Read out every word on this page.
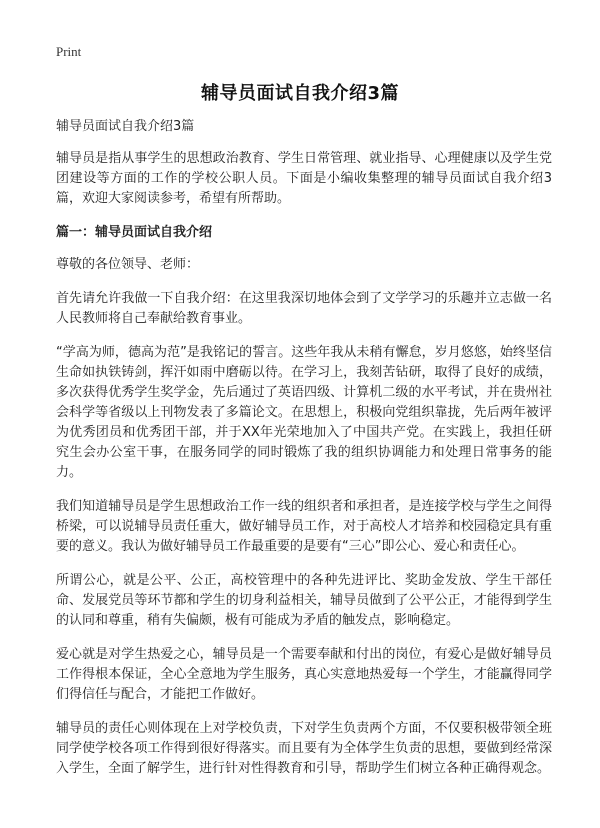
Print
辅导员面试自我介绍3篇

辅导员面试自我介绍3篇

辅导员是指从事学生的思想政治教育、学生日常管理、就业指导、心理健康以及学生党团建设等方面的工作的学校公职人员。下面是小编收集整理的辅导员面试自我介绍3篇，欢迎大家阅读参考，希望有所帮助。

篇一：辅导员面试自我介绍

尊敬的各位领导、老师：

首先请允许我做一下自我介绍：在这里我深切地体会到了文学学习的乐趣并立志做一名人民教师将自己奉献给教育事业。

“学高为师，德高为范”是我铭记的誓言。这些年我从未稍有懈怠，岁月悠悠，始终坚信生命如执铁铸剑，挥汗如雨中磨砺以待。在学习上，我刻苦钻研，取得了良好的成绩，多次获得优秀学生奖学金，先后通过了英语四级、计算机二级的水平考试，并在贵州社会科学等省级以上刊物发表了多篇论文。在思想上，积极向党组织靠拢，先后两年被评为优秀团员和优秀团干部，并于XX年光荣地加入了中国共产党。在实践上，我担任研究生会办公室干事，在服务同学的同时锻炼了我的组织协调能力和处理日常事务的能力。

我们知道辅导员是学生思想政治工作一线的组织者和承担者，是连接学校与学生之间得桥梁，可以说辅导员责任重大，做好辅导员工作，对于高校人才培养和校园稳定具有重要的意义。我认为做好辅导员工作最重要的是要有“三心”即公心、爱心和责任心。

所谓公心，就是公平、公正，高校管理中的各种先进评比、奖助金发放、学生干部任命、发展党员等环节都和学生的切身利益相关，辅导员做到了公平公正，才能得到学生的认同和尊重，稍有失偏颇，极有可能成为矛盾的触发点，影响稳定。

爱心就是对学生热爱之心，辅导员是一个需要奉献和付出的岗位，有爱心是做好辅导员工作得根本保证，全心全意地为学生服务，真心实意地热爱每一个学生，才能赢得同学们得信任与配合，才能把工作做好。

辅导员的责任心则体现在上对学校负责，下对学生负责两个方面，不仅要积极带领全班同学使学校各项工作得到很好得落实。而且要有为全体学生负责的思想，要做到经常深入学生，全面了解学生，进行针对性得教育和引导，帮助学生们树立各种正确得观念。
